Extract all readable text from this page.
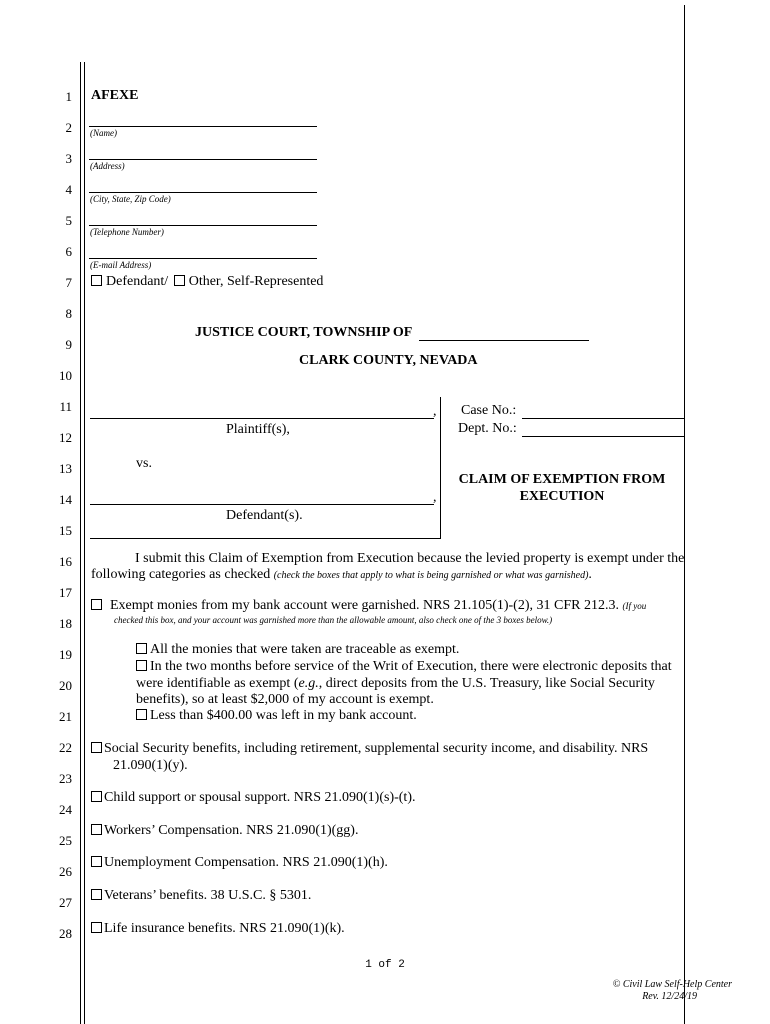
1
2
3
4
5
6
7
8
9
10
11
12
13
14
15
16
17
18
19
20
21
22
23
24
25
26
27
28
AFEXE
(Name)
(Address)
(City, State, Zip Code)
(Telephone Number)
(E-mail Address)
Defendant/ Other, Self-Represented
JUSTICE COURT, TOWNSHIP OF
CLARK COUNTY, NEVADA
,
Plaintiff(s),
vs.
,
Defendant(s).
Case No.:
Dept. No.:
CLAIM OF EXEMPTION FROM
EXECUTION
I submit this Claim of Exemption from Execution because the levied property is exempt under the
following categories as checked (check the boxes that apply to what is being garnished or what was garnished).
Exempt monies from my bank account were garnished. NRS 21.105(1)-(2), 31 CFR 212.3. (If you
checked this box, and your account was garnished more than the allowable amount, also check one of the 3 boxes below.)
All the monies that were taken are traceable as exempt.
In the two months before service of the Writ of Execution, there were electronic deposits that
were identifiable as exempt (e.g., direct deposits from the U.S. Treasury, like Social Security
benefits), so at least $2,000 of my account is exempt.
Less than $400.00 was left in my bank account.
Social Security benefits, including retirement, supplemental security income, and disability. NRS
21.090(1)(y).
Child support or spousal support. NRS 21.090(1)(s)-(t).
Workers’ Compensation. NRS 21.090(1)(gg).
Unemployment Compensation. NRS 21.090(1)(h).
Veterans’ benefits. 38 U.S.C. § 5301.
Life insurance benefits. NRS 21.090(1)(k).
1 of 2
© Civil Law Self-Help Center
Rev. 12/24/19
